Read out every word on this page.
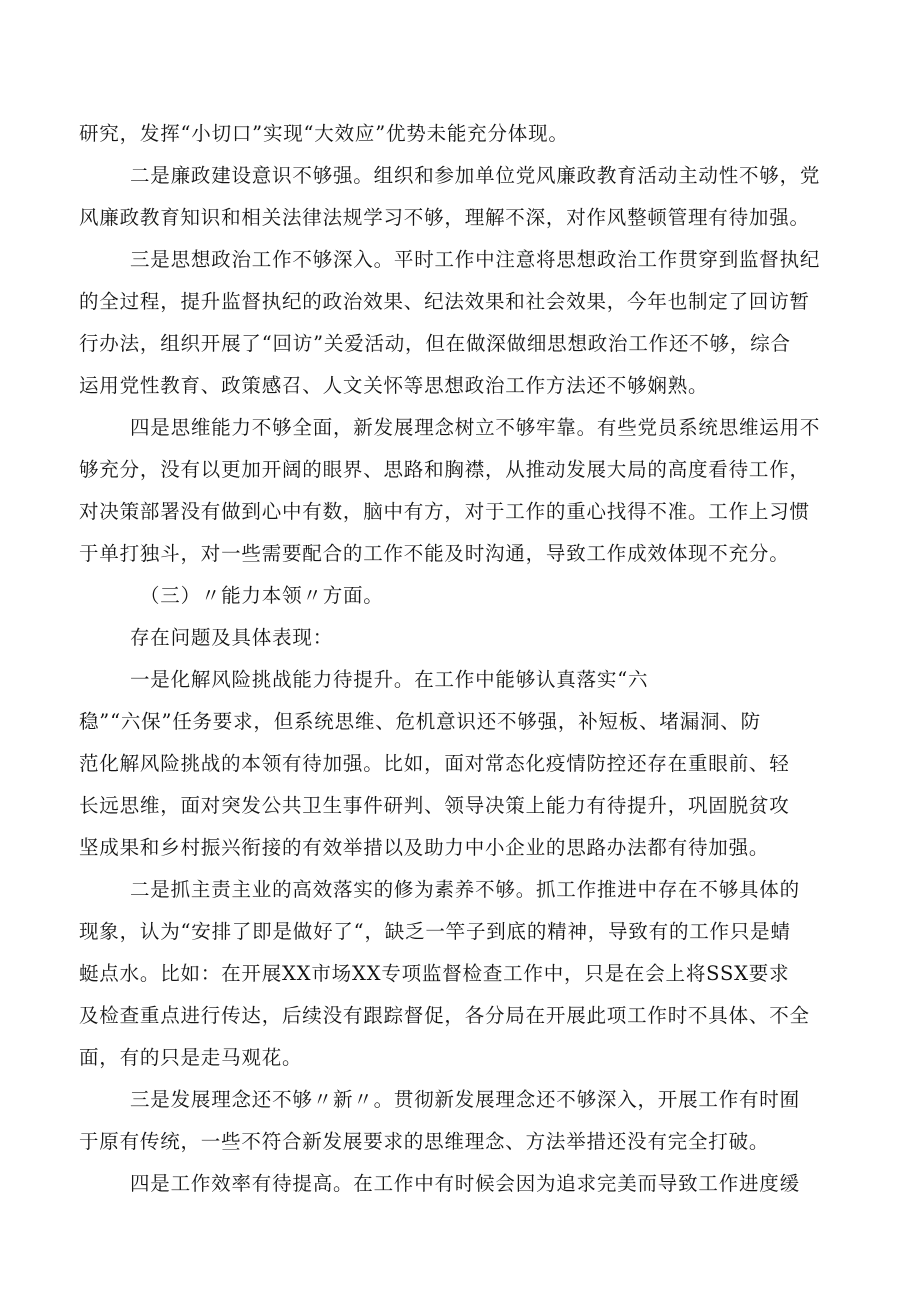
研究，发挥“小切口”实现“大效应”优势未能充分体现。
二是廉政建设意识不够强。组织和参加单位党风廉政教育活动主动性不够，党
风廉政教育知识和相关法律法规学习不够，理解不深，对作风整顿管理有待加强。
三是思想政治工作不够深入。平时工作中注意将思想政治工作贯穿到监督执纪
的全过程，提升监督执纪的政治效果、纪法效果和社会效果，今年也制定了回访暂
行办法，组织开展了“回访”关爱活动，但在做深做细思想政治工作还不够，综合
运用党性教育、政策感召、人文关怀等思想政治工作方法还不够娴熟。
四是思维能力不够全面，新发展理念树立不够牢靠。有些党员系统思维运用不
够充分，没有以更加开阔的眼界、思路和胸襟，从推动发展大局的高度看待工作，
对决策部署没有做到心中有数，脑中有方，对于工作的重心找得不准。工作上习惯
于单打独斗，对一些需要配合的工作不能及时沟通，导致工作成效体现不充分。
（三）〃能力本领〃方面。
存在问题及具体表现：
一是化解风险挑战能力待提升。在工作中能够认真落实“六
稳”“六保”任务要求，但系统思维、危机意识还不够强，补短板、堵漏洞、防
范化解风险挑战的本领有待加强。比如，面对常态化疫情防控还存在重眼前、轻
长远思维，面对突发公共卫生事件研判、领导决策上能力有待提升，巩固脱贫攻
坚成果和乡村振兴衔接的有效举措以及助力中小企业的思路办法都有待加强。
二是抓主责主业的高效落实的修为素养不够。抓工作推进中存在不够具体的
现象，认为“安排了即是做好了“，缺乏一竿子到底的精神，导致有的工作只是蜻
蜓点水。比如：在开展XX市场XX专项监督检查工作中，只是在会上将SSX要求
及检查重点进行传达，后续没有跟踪督促，各分局在开展此项工作时不具体、不全
面，有的只是走马观花。
三是发展理念还不够〃新〃。贯彻新发展理念还不够深入，开展工作有时囿
于原有传统，一些不符合新发展要求的思维理念、方法举措还没有完全打破。
四是工作效率有待提高。在工作中有时候会因为追求完美而导致工作进度缓
